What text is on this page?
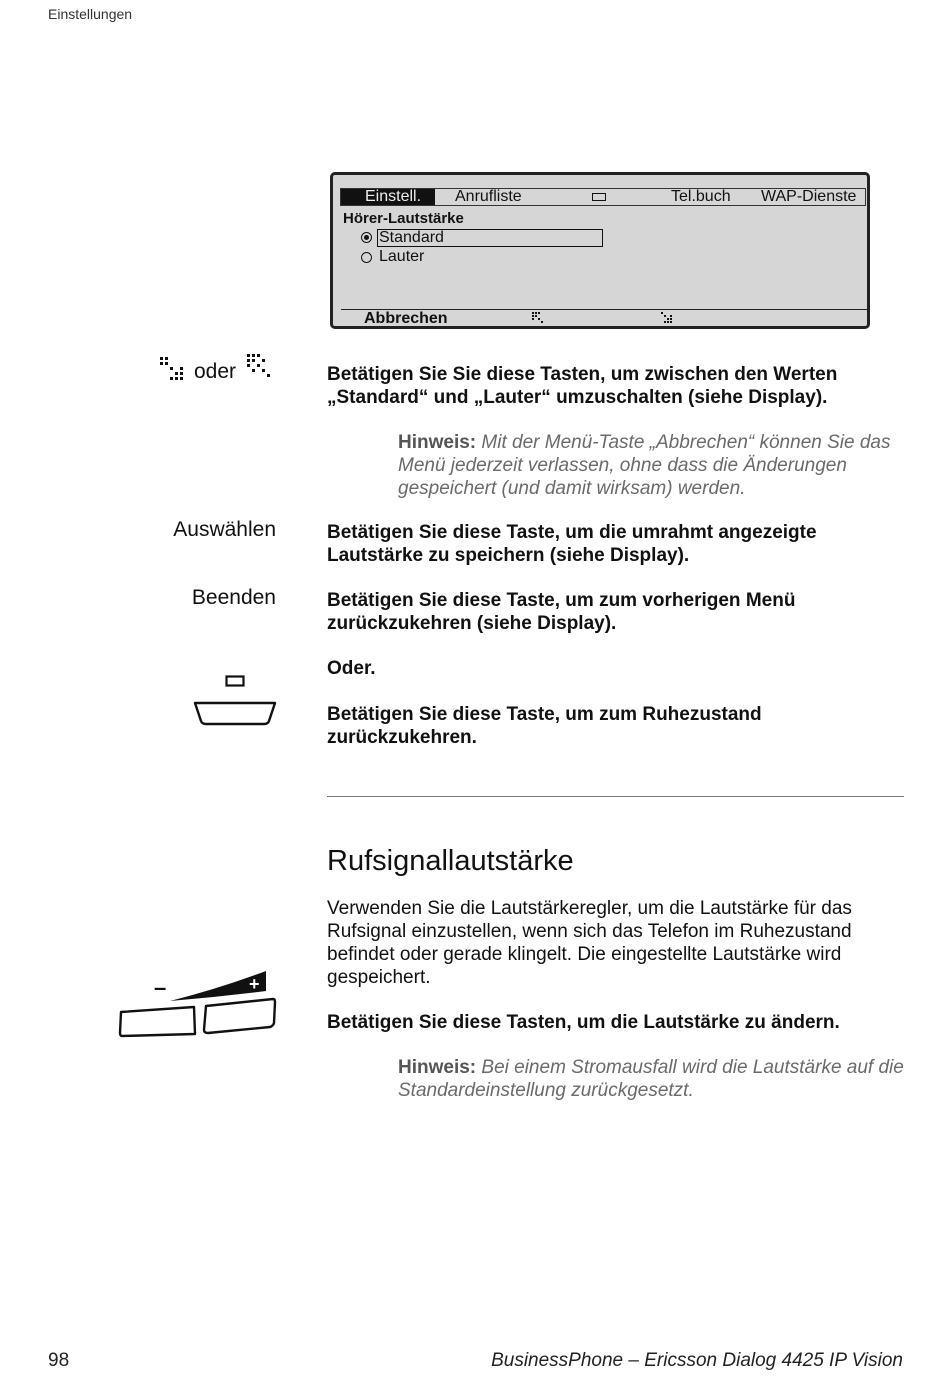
Einstellungen
Einstell.	Anrufliste	Tel.buch WAP-Dienste
Hörer-Lautstärke
Standard
Lauter
Abbrechen
oder	Betätigen Sie Sie diese Tasten, um zwischen den Werten „Standard“ und „Lauter“ umzuschalten (siehe Display).
Hinweis: Mit der Menü-Taste „Abbrechen“ können Sie das Menü jederzeit verlassen, ohne dass die Änderungen gespeichert (und damit wirksam) werden.
Auswählen	Betätigen Sie diese Taste, um die umrahmt angezeigte Lautstärke zu speichern (siehe Display).
Beenden	Betätigen Sie diese Taste, um zum vorherigen Menü zurückzukehren (siehe Display).
Oder.
Betätigen Sie diese Taste, um zum Ruhezustand zurückzukehren.
Rufsignallautstärke
Verwenden Sie die Lautstärkeregler, um die Lautstärke für das Rufsignal einzustellen, wenn sich das Telefon im Ruhezustand befindet oder gerade klingelt. Die eingestellte Lautstärke wird gespeichert.
–	+
Betätigen Sie diese Tasten, um die Lautstärke zu ändern.
Hinweis: Bei einem Stromausfall wird die Lautstärke auf die Standardeinstellung zurückgesetzt.
98	BusinessPhone – Ericsson Dialog 4425 IP Vision
